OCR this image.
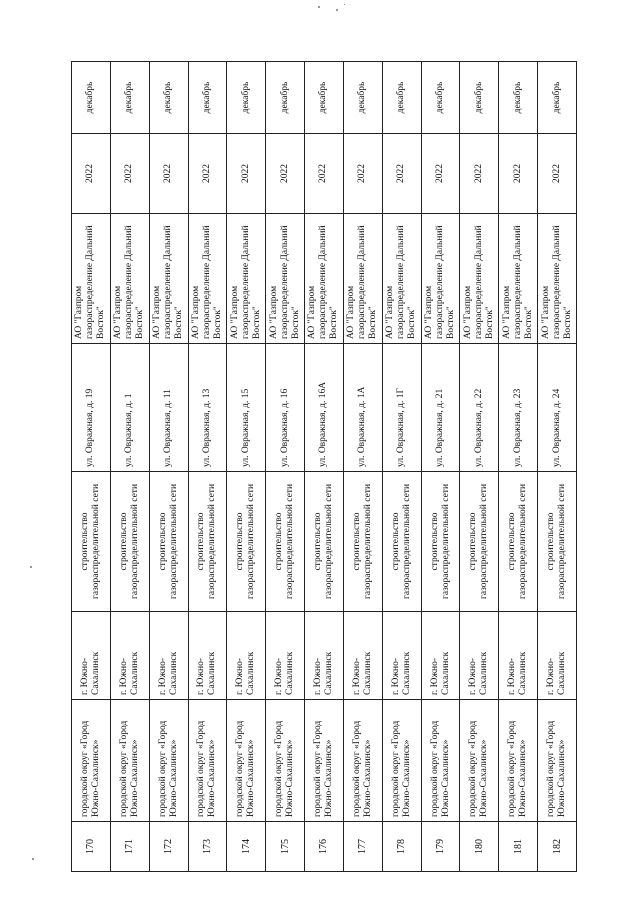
170	городской округ «Город Южно-Сахалинск»	г. Южно-Сахалинск	строительство газораспределительной сети	ул. Овражная, д. 19	АО "Газпром газораспределение Дальний Восток"	2022	декабрь
171	городской округ «Город Южно-Сахалинск»	г. Южно-Сахалинск	строительство газораспределительной сети	ул. Овражная, д. 1	АО "Газпром газораспределение Дальний Восток"	2022	декабрь
172	городской округ «Город Южно-Сахалинск»	г. Южно-Сахалинск	строительство газораспределительной сети	ул. Овражная, д. 11	АО "Газпром газораспределение Дальний Восток"	2022	декабрь
173	городской округ «Город Южно-Сахалинск»	г. Южно-Сахалинск	строительство газораспределительной сети	ул. Овражная, д. 13	АО "Газпром газораспределение Дальний Восток"	2022	декабрь
174	городской округ «Город Южно-Сахалинск»	г. Южно-Сахалинск	строительство газораспределительной сети	ул. Овражная, д. 15	АО "Газпром газораспределение Дальний Восток"	2022	декабрь
175	городской округ «Город Южно-Сахалинск»	г. Южно-Сахалинск	строительство газораспределительной сети	ул. Овражная, д. 16	АО "Газпром газораспределение Дальний Восток"	2022	декабрь
176	городской округ «Город Южно-Сахалинск»	г. Южно-Сахалинск	строительство газораспределительной сети	ул. Овражная, д. 16А	АО "Газпром газораспределение Дальний Восток"	2022	декабрь
177	городской округ «Город Южно-Сахалинск»	г. Южно-Сахалинск	строительство газораспределительной сети	ул. Овражная, д. 1А	АО "Газпром газораспределение Дальний Восток"	2022	декабрь
178	городской округ «Город Южно-Сахалинск»	г. Южно-Сахалинск	строительство газораспределительной сети	ул. Овражная, д. 1Г	АО "Газпром газораспределение Дальний Восток"	2022	декабрь
179	городской округ «Город Южно-Сахалинск»	г. Южно-Сахалинск	строительство газораспределительной сети	ул. Овражная, д. 21	АО "Газпром газораспределение Дальний Восток"	2022	декабрь
180	городской округ «Город Южно-Сахалинск»	г. Южно-Сахалинск	строительство газораспределительной сети	ул. Овражная, д. 22	АО "Газпром газораспределение Дальний Восток"	2022	декабрь
181	городской округ «Город Южно-Сахалинск»	г. Южно-Сахалинск	строительство газораспределительной сети	ул. Овражная, д. 23	АО "Газпром газораспределение Дальний Восток"	2022	декабрь
182	городской округ «Город Южно-Сахалинск»	г. Южно-Сахалинск	строительство газораспределительной сети	ул. Овражная, д. 24	АО "Газпром газораспределение Дальний Восток"	2022	декабрь
